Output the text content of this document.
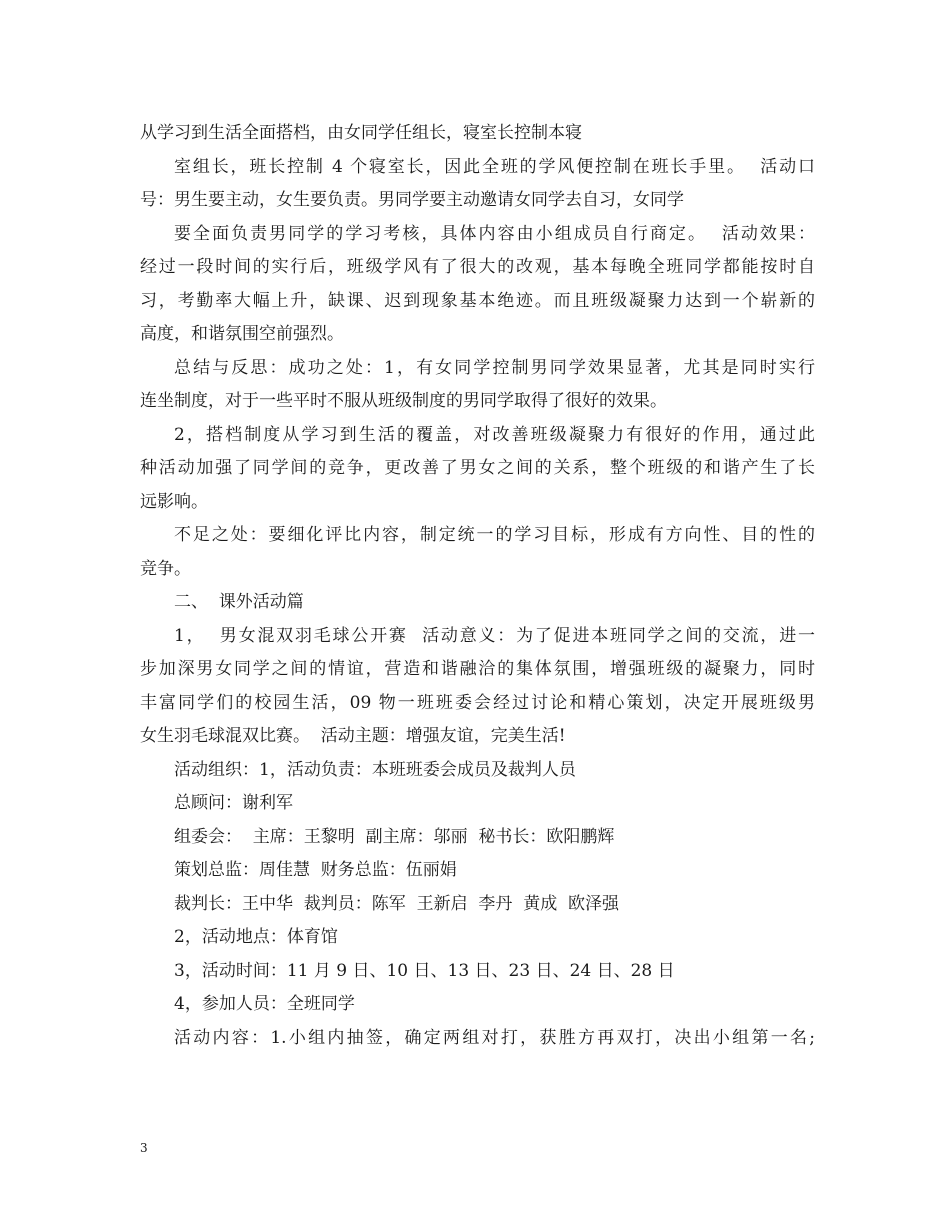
从学习到生活全面搭档，由女同学任组长，寝室长控制本寝
室组长，班长控制 4 个寝室长，因此全班的学风便控制在班长手里。  活动口
号：男生要主动，女生要负责。男同学要主动邀请女同学去自习，女同学
要全面负责男同学的学习考核，具体内容由小组成员自行商定。  活动效果：
经过一段时间的实行后，班级学风有了很大的改观，基本每晚全班同学都能按时自
习，考勤率大幅上升，缺课、迟到现象基本绝迹。而且班级凝聚力达到一个崭新的
高度，和谐氛围空前强烈。
总结与反思：成功之处：1，有女同学控制男同学效果显著，尤其是同时实行
连坐制度，对于一些平时不服从班级制度的男同学取得了很好的效果。
2，搭档制度从学习到生活的覆盖，对改善班级凝聚力有很好的作用，通过此
种活动加强了同学间的竞争，更改善了男女之间的关系，整个班级的和谐产生了长
远影响。
不足之处：要细化评比内容，制定统一的学习目标，形成有方向性、目的性的
竞争。
二、  课外活动篇
1，  男女混双羽毛球公开赛  活动意义：为了促进本班同学之间的交流，进一
步加深男女同学之间的情谊，营造和谐融洽的集体氛围，增强班级的凝聚力，同时
丰富同学们的校园生活，09 物一班班委会经过讨论和精心策划，决定开展班级男
女生羽毛球混双比赛。  活动主题：增强友谊，完美生活!
活动组织：1，活动负责：本班班委会成员及裁判人员
总顾问：谢利军
组委会：  主席：王黎明  副主席：邬丽  秘书长：欧阳鹏辉
策划总监：周佳慧  财务总监：伍丽娟
裁判长：王中华  裁判员：陈军  王新启  李丹  黄成  欧泽强
2，活动地点：体育馆
3，活动时间：11 月 9 日、10 日、13 日、23 日、24 日、28 日
4，参加人员：全班同学
活动内容：1.小组内抽签，确定两组对打，获胜方再双打，决出小组第一名;
3
